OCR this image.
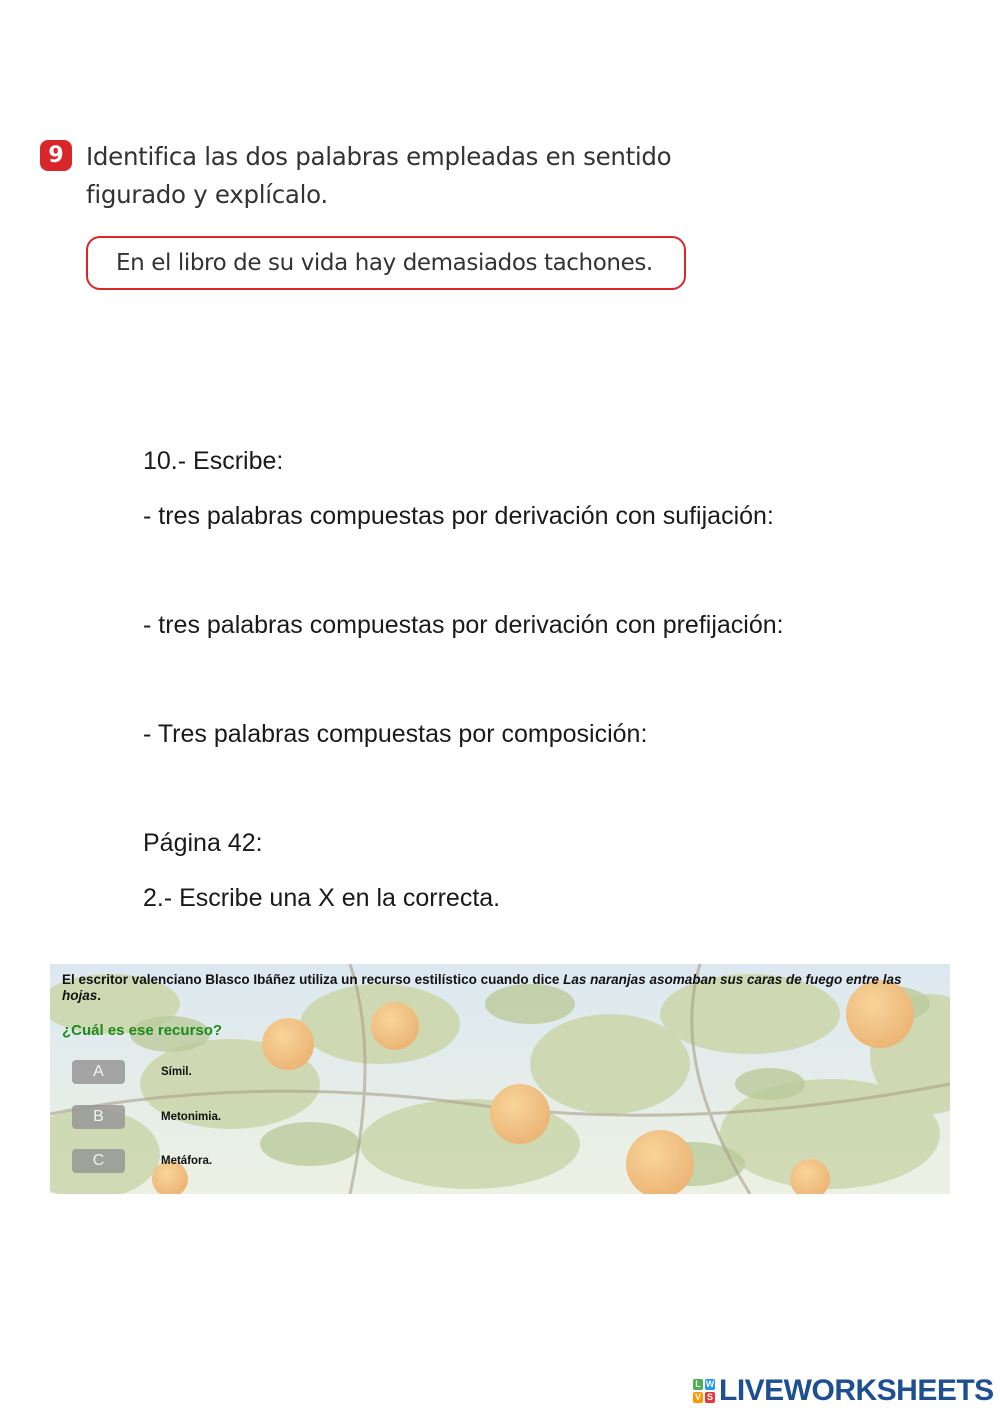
9 Identifica las dos palabras empleadas en sentido
figurado y explícalo.
En el libro de su vida hay demasiados tachones.
10.- Escribe:
- tres palabras compuestas por derivación con sufijación:
- tres palabras compuestas por derivación con prefijación:
- Tres palabras compuestas por composición:
Página 42:
2.- Escribe una X en la correcta.
El escritor valenciano Blasco Ibáñez utiliza un recurso estilístico cuando dice Las naranjas asomaban sus caras de fuego entre las hojas.
¿Cuál es ese recurso?
A	Símil.
B	Metonimia.
C	Metáfora.
L W
V S LIVEWORKSHEETS
